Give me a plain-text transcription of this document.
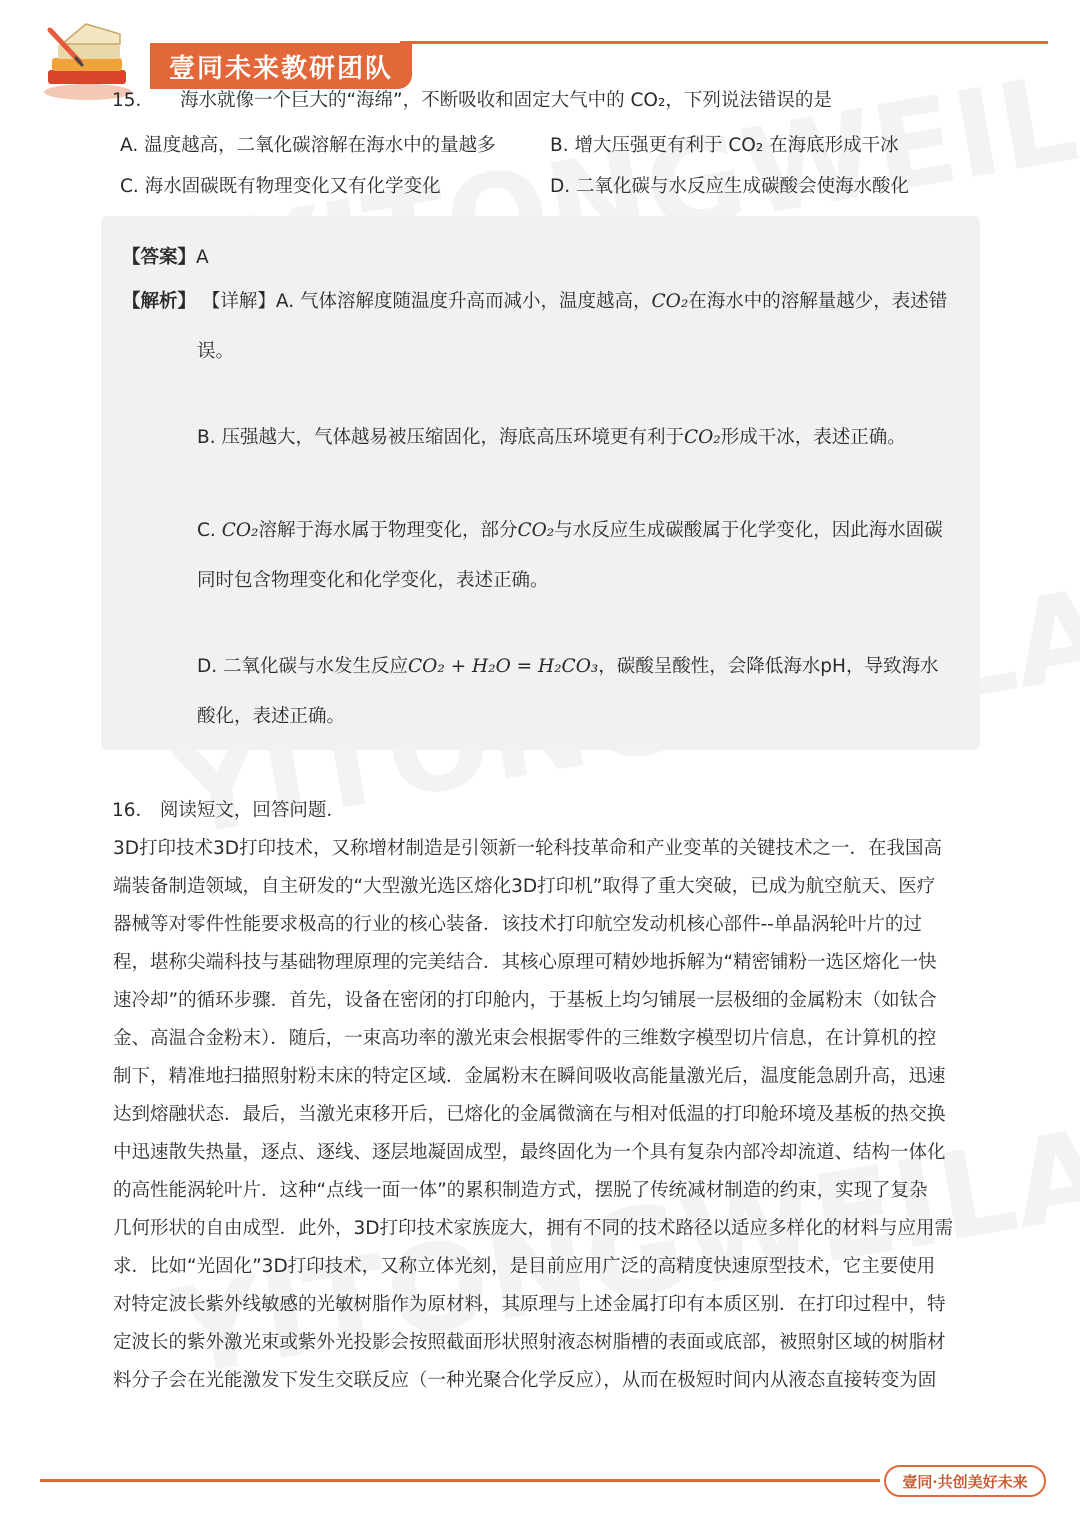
壹同未来教研团队
15． 海水就像一个巨大的“海绵”，不断吸收和固定大气中的 CO₂，下列说法错误的是
A. 温度越高，二氧化碳溶解在海水中的量越多	B. 增大压强更有利于 CO₂ 在海底形成干冰
C. 海水固碳既有物理变化又有化学变化	D. 二氧化碳与水反应生成碳酸会使海水酸化
【答案】A
【解析】 【详解】A. 气体溶解度随温度升高而减小，温度越高，CO₂在海水中的溶解量越少，表述错
误。
B. 压强越大，气体越易被压缩固化，海底高压环境更有利于CO₂形成干冰，表述正确。
C. CO₂溶解于海水属于物理变化，部分CO₂与水反应生成碳酸属于化学变化，因此海水固碳
同时包含物理变化和化学变化，表述正确。
D. 二氧化碳与水发生反应CO₂ + H₂O = H₂CO₃，碳酸呈酸性，会降低海水pH，导致海水
酸化，表述正确。
16． 阅读短文，回答问题．
3D打印技术3D打印技术，又称增材制造是引领新一轮科技革命和产业变革的关键技术之一．在我国高
端装备制造领域，自主研发的“大型激光选区熔化3D打印机”取得了重大突破，已成为航空航天、医疗
器械等对零件性能要求极高的行业的核心装备．该技术打印航空发动机核心部件--单晶涡轮叶片的过
程，堪称尖端科技与基础物理原理的完美结合．其核心原理可精妙地拆解为“精密铺粉一选区熔化一快
速冷却”的循环步骤．首先，设备在密闭的打印舱内，于基板上均匀铺展一层极细的金属粉末（如钛合
金、高温合金粉末）．随后，一束高功率的激光束会根据零件的三维数字模型切片信息，在计算机的控
制下，精准地扫描照射粉末床的特定区域．金属粉末在瞬间吸收高能量激光后，温度能急剧升高，迅速
达到熔融状态．最后，当激光束移开后，已熔化的金属微滴在与相对低温的打印舱环境及基板的热交换
中迅速散失热量，逐点、逐线、逐层地凝固成型，最终固化为一个具有复杂内部冷却流道、结构一体化
的高性能涡轮叶片．这种“点线一面一体”的累积制造方式，摆脱了传统减材制造的约束，实现了复杂
几何形状的自由成型．此外，3D打印技术家族庞大，拥有不同的技术路径以适应多样化的材料与应用需
求．比如“光固化”3D打印技术，又称立体光刻，是目前应用广泛的高精度快速原型技术，它主要使用
对特定波长紫外线敏感的光敏树脂作为原材料，其原理与上述金属打印有本质区别．在打印过程中，特
定波长的紫外激光束或紫外光投影会按照截面形状照射液态树脂槽的表面或底部，被照射区域的树脂材
料分子会在光能激发下发生交联反应（一种光聚合化学反应），从而在极短时间内从液态直接转变为固
壹同·共创美好未来
